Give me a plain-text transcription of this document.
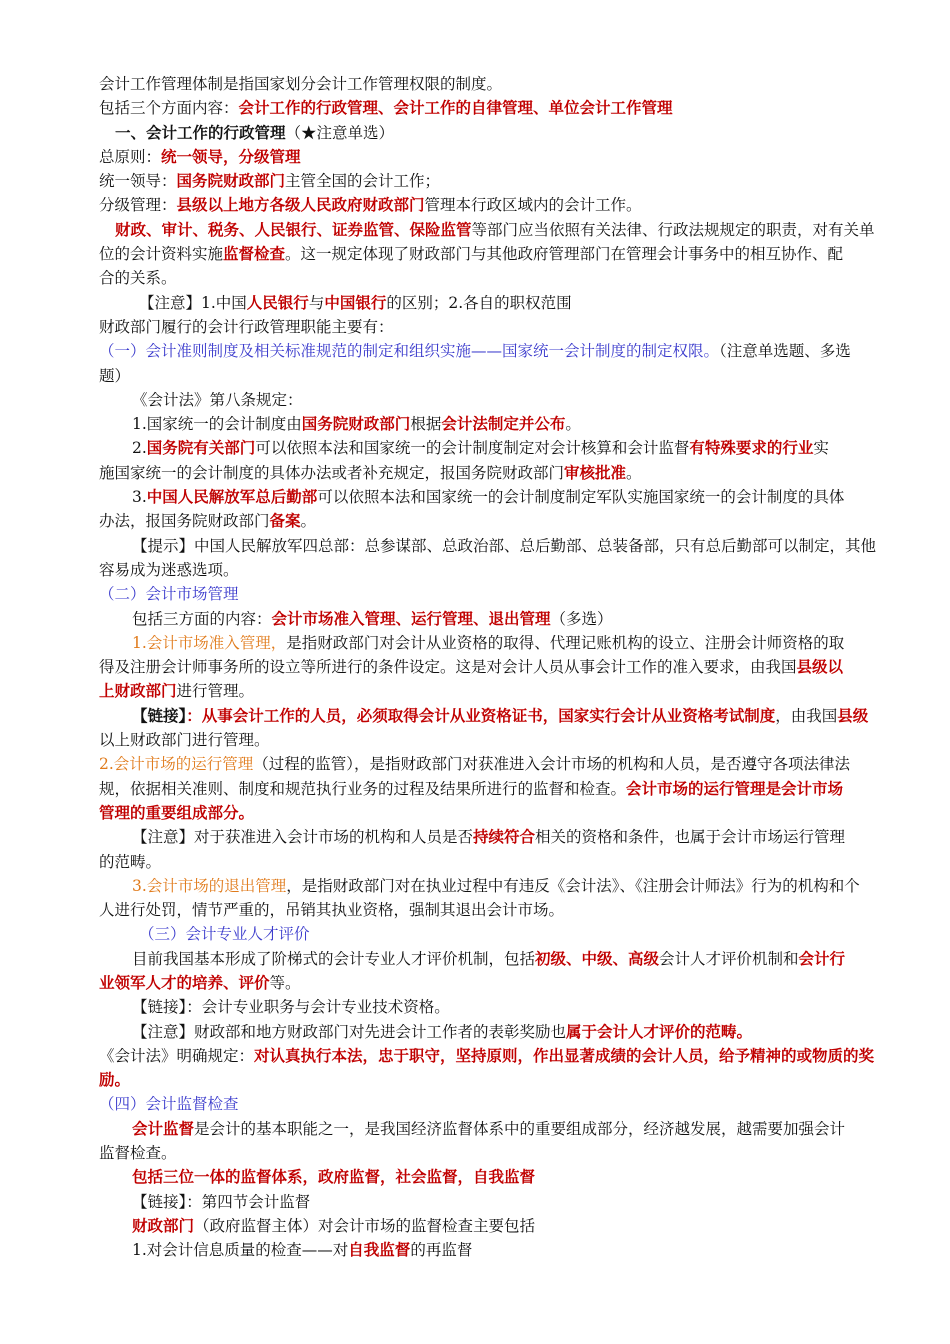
会计工作管理体制是指国家划分会计工作管理权限的制度。
包括三个方面内容：会计工作的行政管理、会计工作的自律管理、单位会计工作管理
一、会计工作的行政管理（★注意单选）
总原则：统一领导，分级管理
统一领导：国务院财政部门主管全国的会计工作；
分级管理：县级以上地方各级人民政府财政部门管理本行政区域内的会计工作。
财政、审计、税务、人民银行、证券监管、保险监管等部门应当依照有关法律、行政法规规定的职责，对有关单
位的会计资料实施监督检查。这一规定体现了财政部门与其他政府管理部门在管理会计事务中的相互协作、配
合的关系。
【注意】1.中国人民银行与中国银行的区别；2.各自的职权范围
财政部门履行的会计行政管理职能主要有：
（一）会计准则制度及相关标准规范的制定和组织实施——国家统一会计制度的制定权限。（注意单选题、多选
题）
《会计法》第八条规定：
1.国家统一的会计制度由国务院财政部门根据会计法制定并公布。
2.国务院有关部门可以依照本法和国家统一的会计制度制定对会计核算和会计监督有特殊要求的行业实
施国家统一的会计制度的具体办法或者补充规定，报国务院财政部门审核批准。
3.中国人民解放军总后勤部可以依照本法和国家统一的会计制度制定军队实施国家统一的会计制度的具体
办法，报国务院财政部门备案。
【提示】中国人民解放军四总部：总参谋部、总政治部、总后勤部、总装备部，只有总后勤部可以制定，其他
容易成为迷惑选项。
（二）会计市场管理
包括三方面的内容：会计市场准入管理、运行管理、退出管理（多选）
1.会计市场准入管理，是指财政部门对会计从业资格的取得、代理记账机构的设立、注册会计师资格的取
得及注册会计师事务所的设立等所进行的条件设定。这是对会计人员从事会计工作的准入要求，由我国县级以
上财政部门进行管理。
【链接】：从事会计工作的人员，必须取得会计从业资格证书，国家实行会计从业资格考试制度，由我国县级
以上财政部门进行管理。
2.会计市场的运行管理（过程的监管），是指财政部门对获准进入会计市场的机构和人员，是否遵守各项法律法
规，依据相关准则、制度和规范执行业务的过程及结果所进行的监督和检查。会计市场的运行管理是会计市场
管理的重要组成部分。
【注意】对于获准进入会计市场的机构和人员是否持续符合相关的资格和条件，也属于会计市场运行管理
的范畴。
3.会计市场的退出管理，是指财政部门对在执业过程中有违反《会计法》、《注册会计师法》行为的机构和个
人进行处罚，情节严重的，吊销其执业资格，强制其退出会计市场。
（三）会计专业人才评价
目前我国基本形成了阶梯式的会计专业人才评价机制，包括初级、中级、高级会计人才评价机制和会计行
业领军人才的培养、评价等。
【链接】：会计专业职务与会计专业技术资格。
【注意】财政部和地方财政部门对先进会计工作者的表彰奖励也属于会计人才评价的范畴。
《会计法》明确规定：对认真执行本法，忠于职守，坚持原则，作出显著成绩的会计人员，给予精神的或物质的奖
励。
（四）会计监督检查
会计监督是会计的基本职能之一，是我国经济监督体系中的重要组成部分，经济越发展，越需要加强会计
监督检查。
包括三位一体的监督体系，政府监督，社会监督，自我监督
【链接】：第四节会计监督
财政部门（政府监督主体）对会计市场的监督检查主要包括
1.对会计信息质量的检查——对自我监督的再监督
